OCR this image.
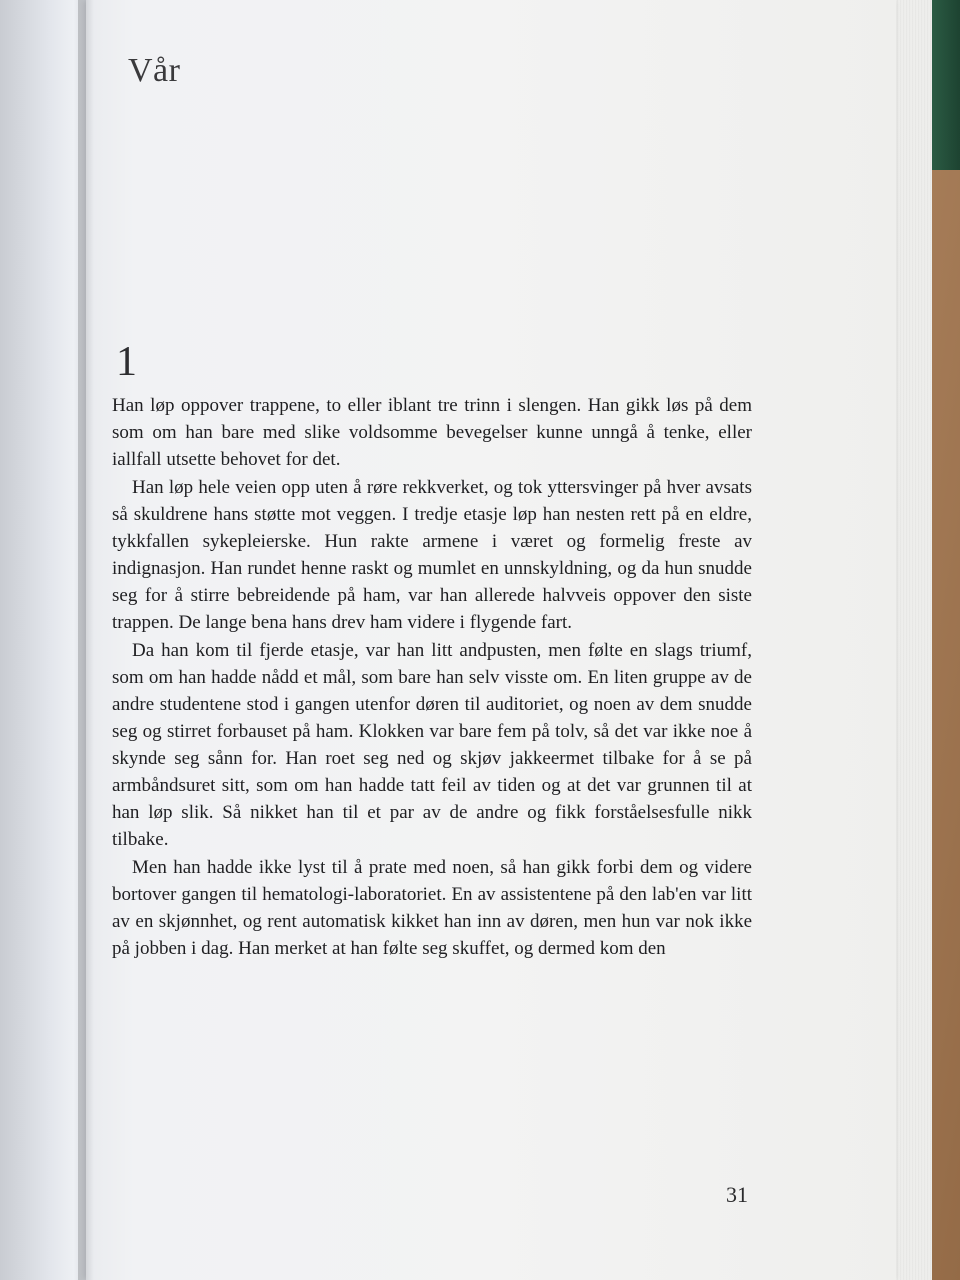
Vår
1

Han løp oppover trappene, to eller iblant tre trinn i slengen. Han gikk løs på dem som om han bare med slike voldsomme bevegelser kunne unngå å tenke, eller iallfall utsette behovet for det.

Han løp hele veien opp uten å røre rekkverket, og tok yttersvinger på hver avsats så skuldrene hans støtte mot veggen. I tredje etasje løp han nesten rett på en eldre, tykkfallen sykepleierske. Hun rakte armene i været og formelig freste av indignasjon. Han rundet henne raskt og mumlet en unnskyldning, og da hun snudde seg for å stirre bebreidende på ham, var han allerede halvveis oppover den siste trappen. De lange bena hans drev ham videre i flygende fart.

Da han kom til fjerde etasje, var han litt andpusten, men følte en slags triumf, som om han hadde nådd et mål, som bare han selv visste om. En liten gruppe av de andre studentene stod i gangen utenfor døren til auditoriet, og noen av dem snudde seg og stirret forbauset på ham. Klokken var bare fem på tolv, så det var ikke noe å skynde seg sånn for. Han roet seg ned og skjøv jakkeermet tilbake for å se på armbåndsuret sitt, som om han hadde tatt feil av tiden og at det var grunnen til at han løp slik. Så nikket han til et par av de andre og fikk forståelsesfulle nikk tilbake.

Men han hadde ikke lyst til å prate med noen, så han gikk forbi dem og videre bortover gangen til hematologi-laboratoriet. En av assistentene på den lab'en var litt av en skjønnhet, og rent automatisk kikket han inn av døren, men hun var nok ikke på jobben i dag. Han merket at han følte seg skuffet, og dermed kom den

31
